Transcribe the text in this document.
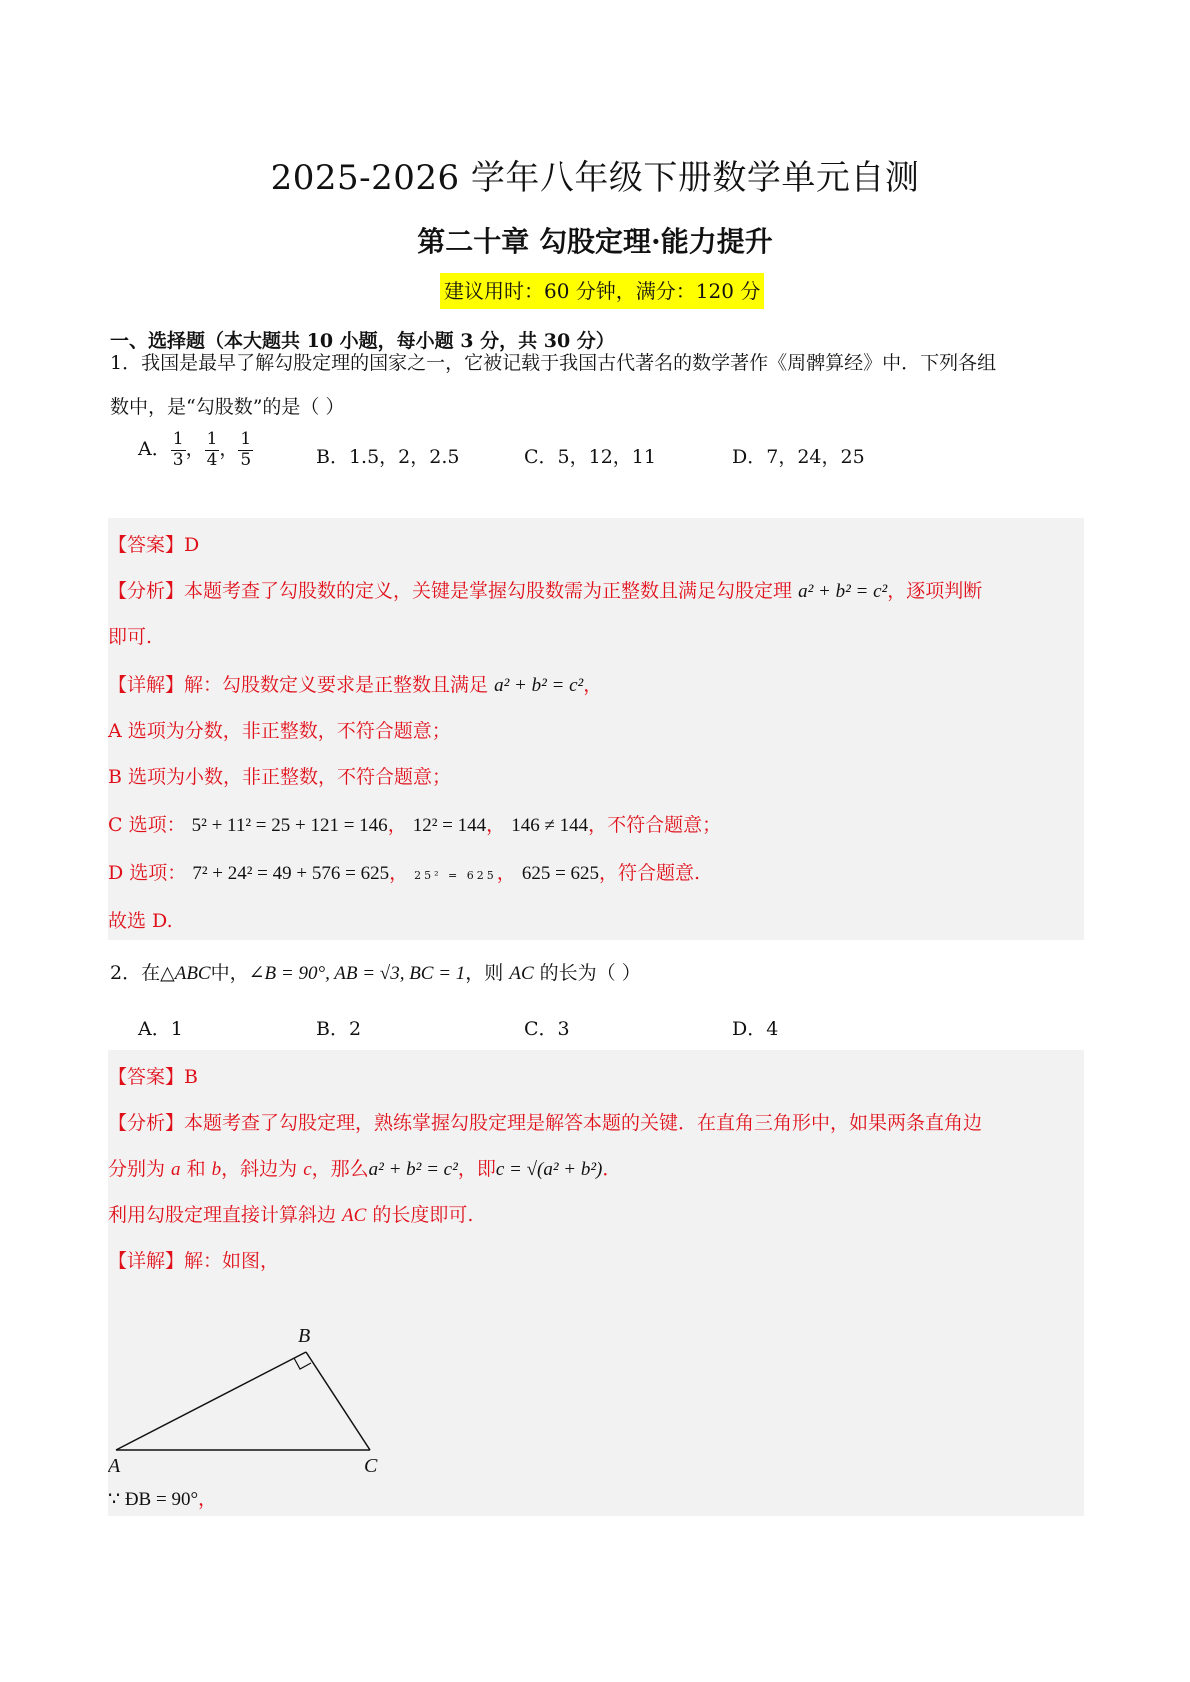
2025-2026 学年八年级下册数学单元自测
第二十章 勾股定理·能力提升
建议用时：60 分钟，满分：120 分
一、选择题（本大题共 10 小题，每小题 3 分，共 30 分）
1．我国是最早了解勾股定理的国家之一，它被记载于我国古代著名的数学著作《周髀算经》中．下列各组
数中，是“勾股数”的是（ ）
A． $\frac{1}{3}$ ， $\frac{1}{4}$ ， $\frac{1}{5}$	B．1.5，2，2.5	C．5，12，11	D．7，24，25
【答案】D
【分析】本题考查了勾股数的定义，关键是掌握勾股数需为正整数且满足勾股定理 a² + b² = c²，逐项判断
即可.
【详解】解：勾股数定义要求是正整数且满足 a² + b² = c²，
A 选项为分数，非正整数，不符合题意；
B 选项为小数，非正整数，不符合题意；
C 选项： 5² + 11² = 25 + 121 = 146， 12² = 144， 146 ≠ 144，不符合题意；
D 选项： 7² + 24² = 49 + 576 = 625， 25² = 625， 625 = 625，符合题意.
故选 D.
2．在△ABC中，∠B = 90°, AB = √3, BC = 1，则 AC 的长为（ ）
A．1	B．2	C．3	D．4
【答案】B
【分析】本题考查了勾股定理，熟练掌握勾股定理是解答本题的关键．在直角三角形中，如果两条直角边
分别为 a 和 b，斜边为 c，那么a² + b² = c²，即c = √(a² + b²)．
利用勾股定理直接计算斜边 AC 的长度即可.
【详解】解：如图，
B
A	C
∵ ÐB = 90°，
